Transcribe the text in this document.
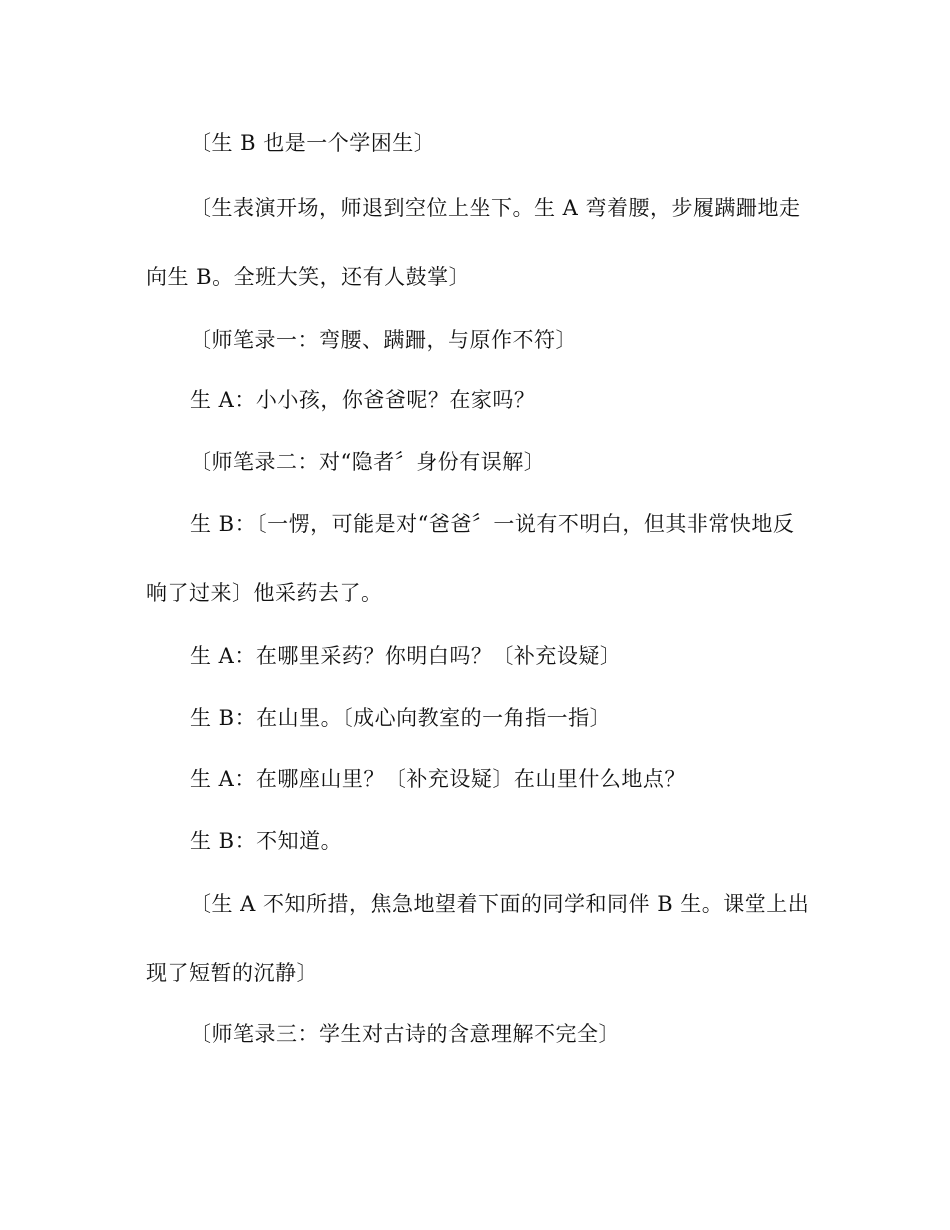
〔生 B 也是一个学困生〕
〔生表演开场，师退到空位上坐下。生 A 弯着腰，步履蹒跚地走
向生 B。全班大笑，还有人鼓掌〕
〔师笔录一：弯腰、蹒跚，与原作不符〕
生 A：小小孩，你爸爸呢？在家吗？
〔师笔录二：对“隐者〞身份有误解〕
生 B：〔一愣，可能是对“爸爸〞一说有不明白，但其非常快地反
响了过来〕他采药去了。
生 A：在哪里采药？你明白吗？〔补充设疑〕
生 B：在山里。〔成心向教室的一角指一指〕
生 A：在哪座山里？〔补充设疑〕在山里什么地点？
生 B：不知道。
〔生 A 不知所措，焦急地望着下面的同学和同伴 B 生。课堂上出
现了短暂的沉静〕
〔师笔录三：学生对古诗的含意理解不完全〕
